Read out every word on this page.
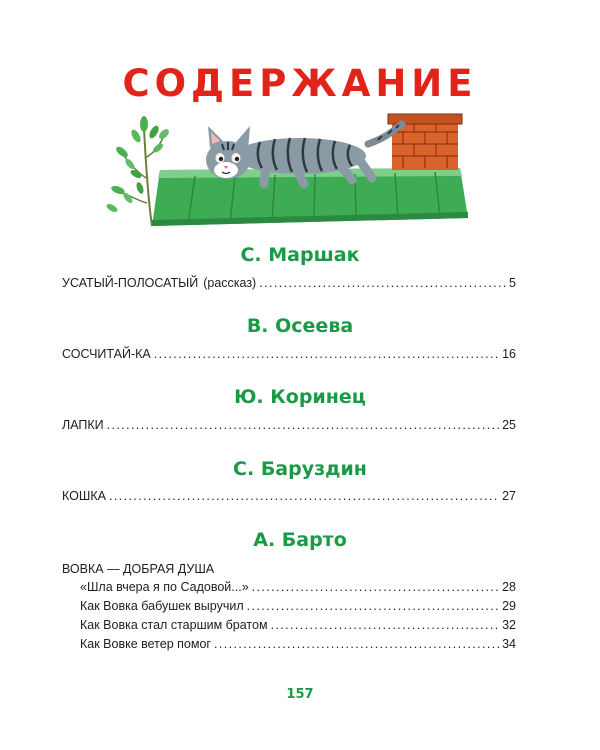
СОДЕРЖАНИЕ
С. Маршак
УСАТЫЙ-ПОЛОСАТЫЙ (рассказ) .....	5
В. Осеева
СОСЧИТАЙ-КА .....	16
Ю. Коринец
ЛАПКИ .....	25
С. Баруздин
КОШКА .....	27
А. Барто
ВОВКА — ДОБРАЯ ДУША
«Шла вчера я по Садовой...» .....	28
Как Вовка бабушек выручил .....	29
Как Вовка стал старшим братом .....	32
Как Вовке ветер помог .....	34
157
